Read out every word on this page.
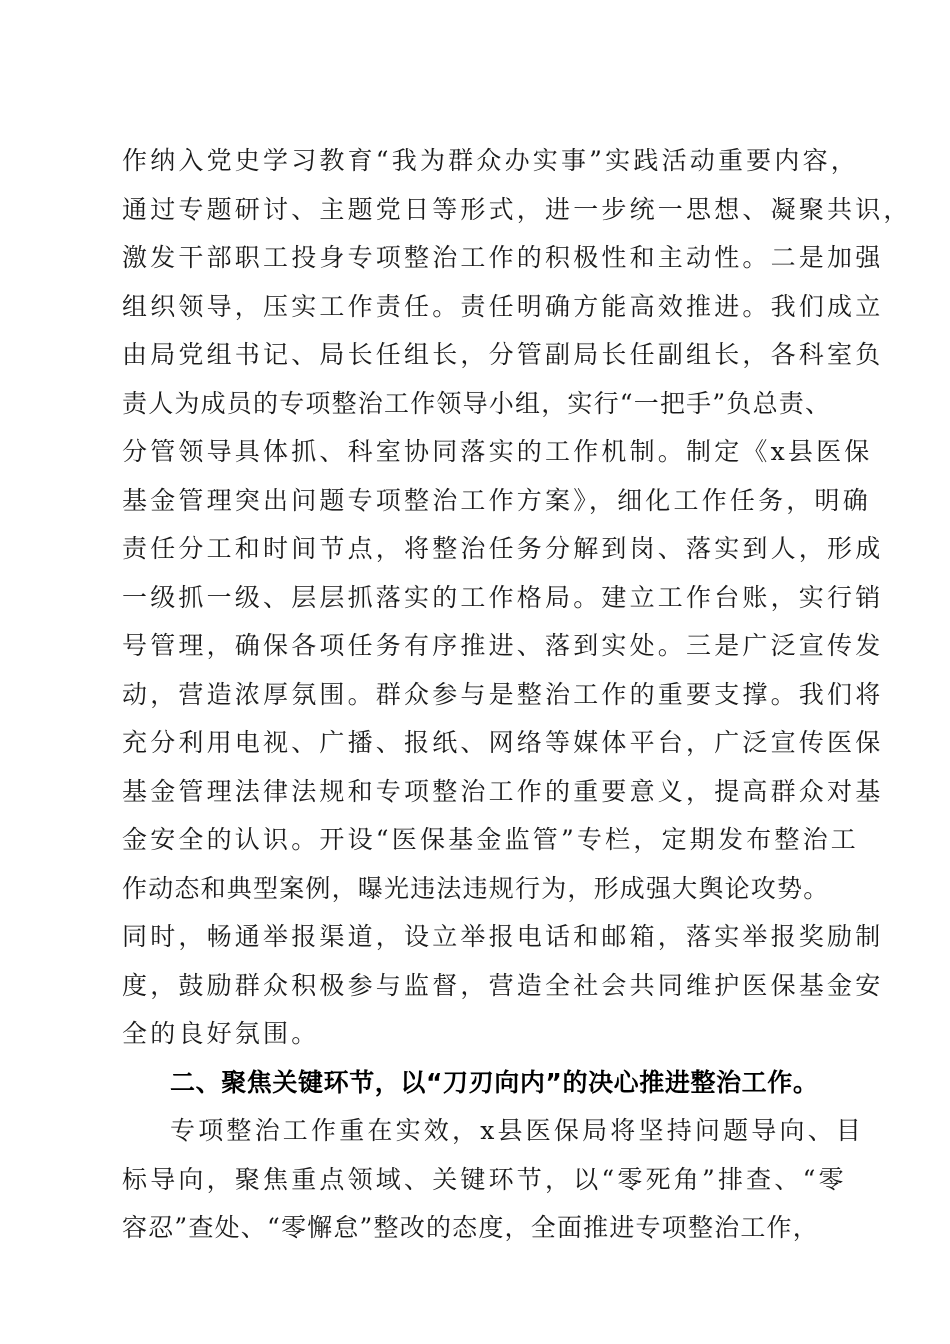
作纳入党史学习教育“我为群众办实事”实践活动重要内容，
通过专题研讨、主题党日等形式，进一步统一思想、凝聚共识，
激发干部职工投身专项整治工作的积极性和主动性。二是加强
组织领导，压实工作责任。责任明确方能高效推进。我们成立
由局党组书记、局长任组长，分管副局长任副组长，各科室负
责人为成员的专项整治工作领导小组，实行“一把手”负总责、
分管领导具体抓、科室协同落实的工作机制。制定《x县医保
基金管理突出问题专项整治工作方案》，细化工作任务，明确
责任分工和时间节点，将整治任务分解到岗、落实到人，形成
一级抓一级、层层抓落实的工作格局。建立工作台账，实行销
号管理，确保各项任务有序推进、落到实处。三是广泛宣传发
动，营造浓厚氛围。群众参与是整治工作的重要支撑。我们将
充分利用电视、广播、报纸、网络等媒体平台，广泛宣传医保
基金管理法律法规和专项整治工作的重要意义，提高群众对基
金安全的认识。开设“医保基金监管”专栏，定期发布整治工
作动态和典型案例，曝光违法违规行为，形成强大舆论攻势。
同时，畅通举报渠道，设立举报电话和邮箱，落实举报奖励制
度，鼓励群众积极参与监督，营造全社会共同维护医保基金安
全的良好氛围。
二、聚焦关键环节，以“刀刃向内”的决心推进整治工作。
专项整治工作重在实效，x县医保局将坚持问题导向、目
标导向，聚焦重点领域、关键环节，以“零死角”排查、“零
容忍”查处、“零懈怠”整改的态度，全面推进专项整治工作，
